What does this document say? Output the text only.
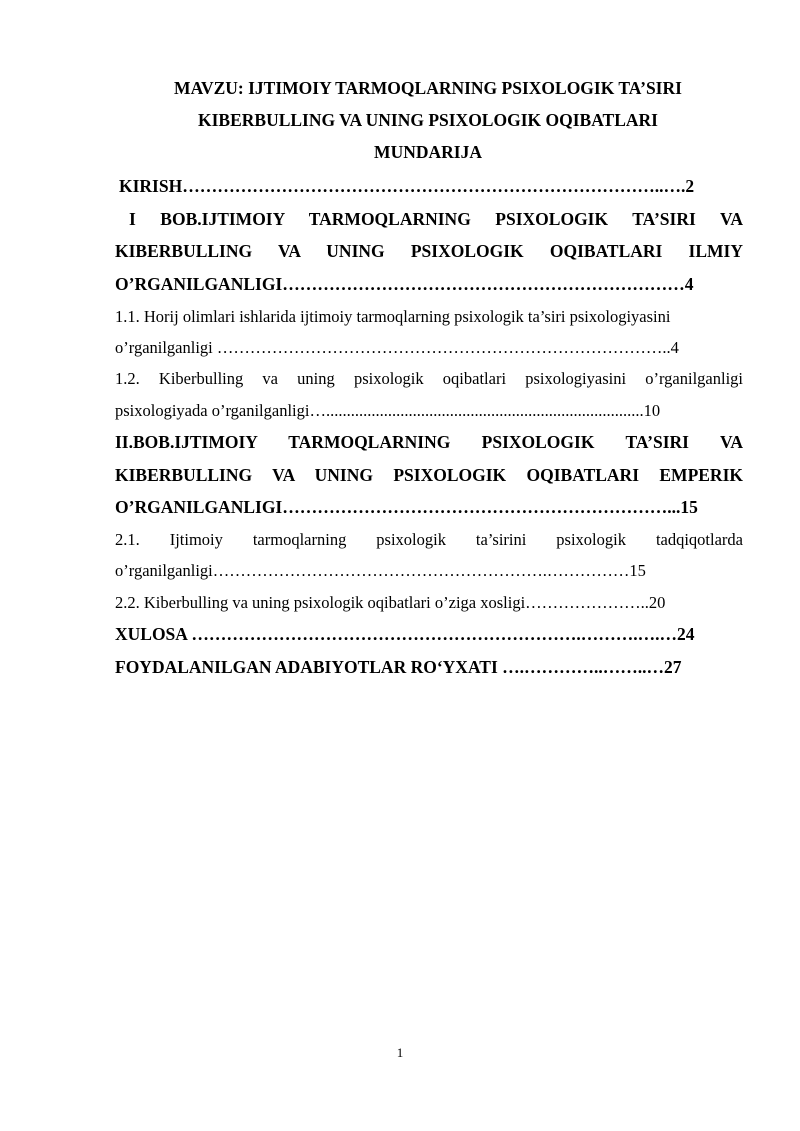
MAVZU: IJTIMOIY TARMOQLARNING PSIXOLOGIK TA’SIRI
KIBERBULLING VA UNING PSIXOLOGIK OQIBATLARI
MUNDARIJA

KIRISH………………………………………………………………………..….2

I BOB.IJTIMOIY TARMOQLARNING PSIXOLOGIK TA’SIRI VA

KIBERBULLING VA UNING PSIXOLOGIK OQIBATLARI ILMIY

O’RGANILGANLIGI……………………………………………………………4

1.1. Horij olimlari ishlarida ijtimoiy tarmoqlarning psixologik ta’siri psixologiyasini

o’rganilganligi ………………………………………………………………………..4

1.2. Kiberbulling va uning psixologik oqibatlari psixologiyasini o’rganilganligi

psixologiyada o’rganilganligi….............................................................................10

II.BOB.IJTIMOIY TARMOQLARNING PSIXOLOGIK TA’SIRI VA

KIBERBULLING VA UNING PSIXOLOGIK OQIBATLARI EMPERIK

O’RGANILGANLIGI…………………………………………………………...15

2.1. Ijtimoiy tarmoqlarning psixologik ta’sirini psixologik tadqiqotlarda

o’rganilganligi…………………………………………………….……………15

2.2. Kiberbulling va uning psixologik oqibatlari o’ziga xosligi…………………..20

XULOSA ………………………………………………………….……….….…24

FOYDALANILGAN ADABIYOTLAR RO‘YXATI ….…………..……..…27

1
